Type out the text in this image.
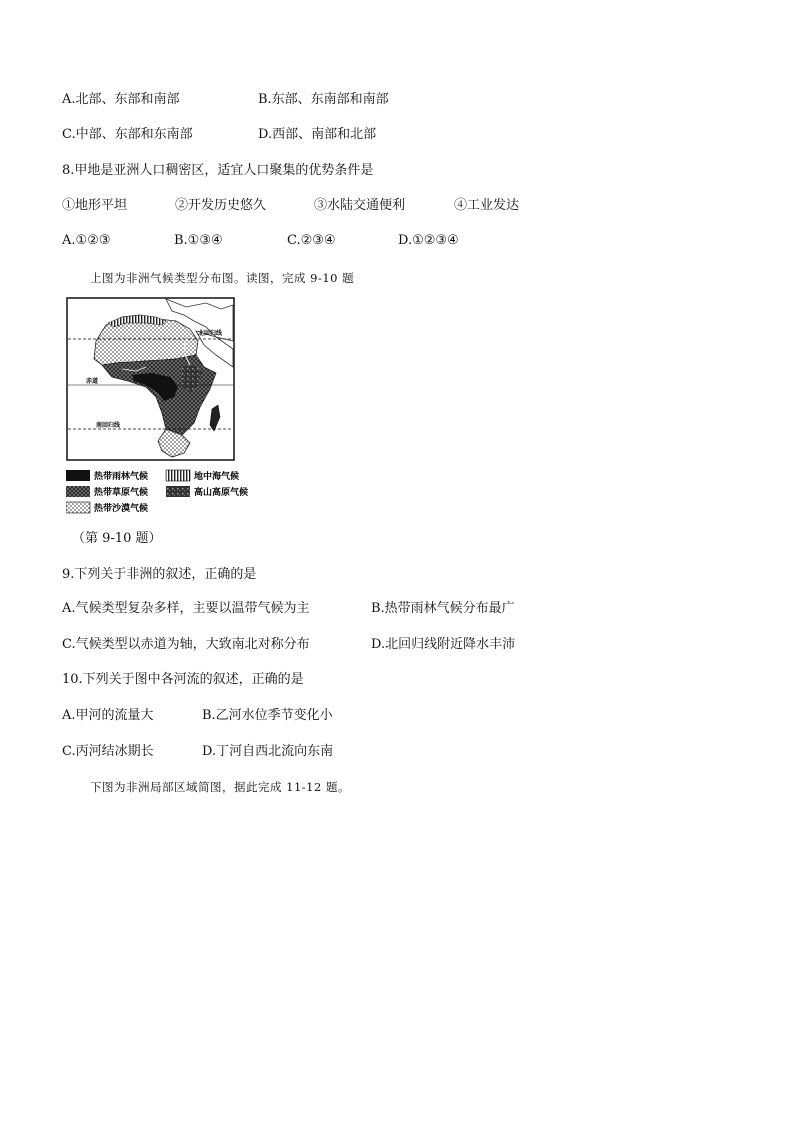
A.北部、东部和南部	B.东部、东南部和南部
C.中部、东部和东南部	D.西部、南部和北部
8.甲地是亚洲人口稠密区，适宜人口聚集的优势条件是
①地形平坦	②开发历史悠久	③水陆交通便利	④工业发达
A.①②③	B.①③④	C.②③④	D.①②③④
上图为非洲气候类型分布图。读图，完成 9-10 题
北回归线
赤道
南回归线
热带雨林气候	地中海气候
热带草原气候	高山高原气候
热带沙漠气候
（第 9-10 题）
9.下列关于非洲的叙述，正确的是
A.气候类型复杂多样，主要以温带气候为主	B.热带雨林气候分布最广
C.气候类型以赤道为轴，大致南北对称分布	D.北回归线附近降水丰沛
10.下列关于图中各河流的叙述，正确的是
A.甲河的流量大	B.乙河水位季节变化小
C.丙河结冰期长	D.丁河自西北流向东南
下图为非洲局部区域简图，据此完成 11-12 题。
